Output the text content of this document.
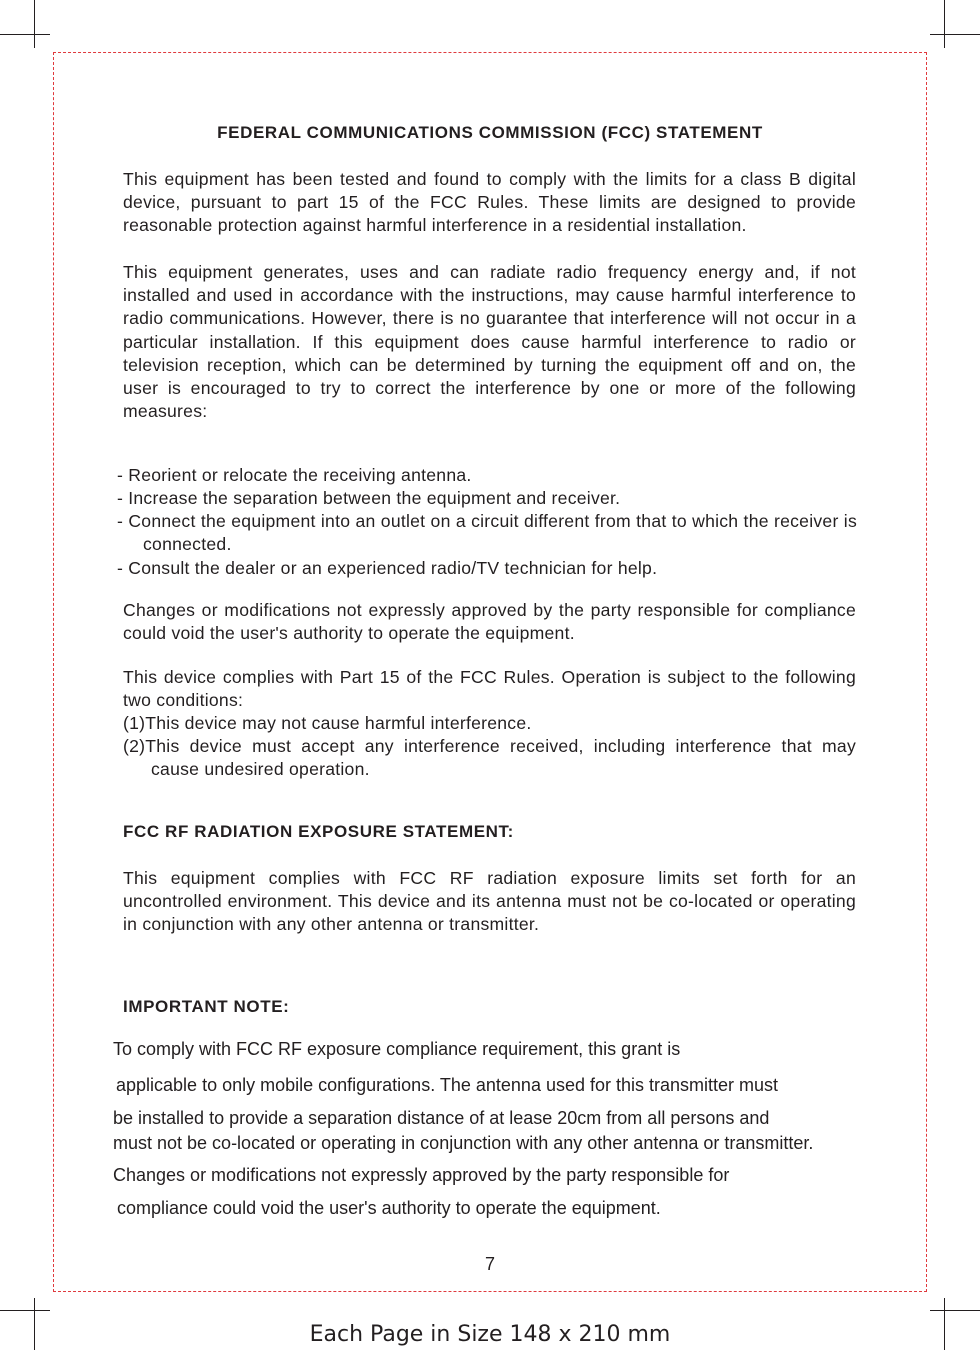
FEDERAL COMMUNICATIONS COMMISSION (FCC) STATEMENT
This equipment has been tested and found to comply with the limits for a class B digital device, pursuant to part 15 of the FCC Rules. These limits are designed to provide reasonable protection against harmful interference in a residential installation.
This equipment generates, uses and can radiate radio frequency energy and, if not installed and used in accordance with the instructions, may cause harmful interference to radio communications. However, there is no guarantee that interference will not occur in a particular installation. If this equipment does cause harmful interference to radio or television reception, which can be determined by turning the equipment off and on, the user is encouraged to try to correct the interference by one or more of the following measures:
- Reorient or relocate the receiving antenna.
- Increase the separation between the equipment and receiver.
- Connect the equipment into an outlet on a circuit different from that to which the receiver is connected.
- Consult the dealer or an experienced radio/TV technician for help.
Changes or modifications not expressly approved by the party responsible for compliance could void the user's authority to operate the equipment.
This device complies with Part 15 of the FCC Rules. Operation is subject to the following two conditions:
(1)This device may not cause harmful interference.
(2)This device must accept any interference received, including interference that may cause undesired operation.
FCC RF RADIATION EXPOSURE STATEMENT:
This equipment complies with FCC RF radiation exposure limits set forth for an uncontrolled environment. This device and its antenna must not be co-located or operating in conjunction with any other antenna or transmitter.
IMPORTANT NOTE:
To comply with FCC RF exposure compliance requirement, this grant is
applicable to only mobile configurations. The antenna used for this transmitter must
be installed to provide a separation distance of at lease 20cm from all persons and
must not be co-located or operating in conjunction with any other antenna or transmitter.
Changes or modifications not expressly approved by the party responsible for
compliance could void the user's authority to operate the equipment.
7
Each Page in Size 148 x 210 mm
